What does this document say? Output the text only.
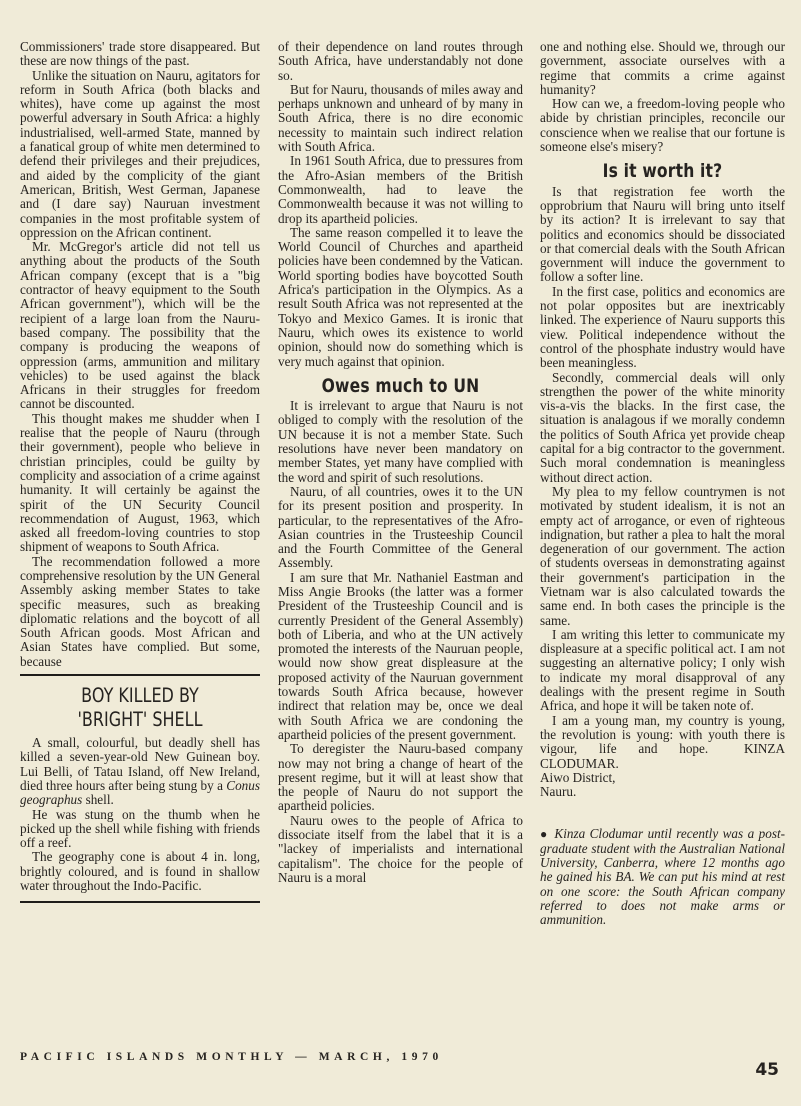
Commissioners' trade store disappeared. But these are now things of the past.

Unlike the situation on Nauru, agitators for reform in South Africa (both blacks and whites), have come up against the most powerful adversary in South Africa: a highly industrialised, well-armed State, manned by a fanatical group of white men determined to defend their privileges and their prejudices, and aided by the complicity of the giant American, British, West German, Japanese and (I dare say) Nauruan investment companies in the most profitable system of oppression on the African continent.

Mr. McGregor's article did not tell us anything about the products of the South African company (except that is a "big contractor of heavy equipment to the South African government"), which will be the recipient of a large loan from the Nauru-based company. The possibility that the company is producing the weapons of oppression (arms, ammunition and military vehicles) to be used against the black Africans in their struggles for freedom cannot be discounted.

This thought makes me shudder when I realise that the people of Nauru (through their government), people who believe in christian principles, could be guilty by complicity and association of a crime against humanity. It will certainly be against the spirit of the UN Security Council recommendation of August, 1963, which asked all freedom-loving countries to stop shipment of weapons to South Africa.

The recommendation followed a more comprehensive resolution by the UN General Assembly asking member States to take specific measures, such as breaking diplomatic relations and the boycott of all South African goods. Most African and Asian States have complied. But some, because

BOY KILLED BY
'BRIGHT' SHELL

A small, colourful, but deadly shell has killed a seven-year-old New Guinean boy. Lui Belli, of Tatau Island, off New Ireland, died three hours after being stung by a Conus geographus shell.

He was stung on the thumb when he picked up the shell while fishing with friends off a reef.

The geography cone is about 4 in. long, brightly coloured, and is found in shallow water throughout the Indo-Pacific.

of their dependence on land routes through South Africa, have understandably not done so.

But for Nauru, thousands of miles away and perhaps unknown and unheard of by many in South Africa, there is no dire economic necessity to maintain such indirect relation with South Africa.

In 1961 South Africa, due to pressures from the Afro-Asian members of the British Commonwealth, had to leave the Commonwealth because it was not willing to drop its apartheid policies.

The same reason compelled it to leave the World Council of Churches and apartheid policies have been condemned by the Vatican. World sporting bodies have boycotted South Africa's participation in the Olympics. As a result South Africa was not represented at the Tokyo and Mexico Games. It is ironic that Nauru, which owes its existence to world opinion, should now do something which is very much against that opinion.

Owes much to UN

It is irrelevant to argue that Nauru is not obliged to comply with the resolution of the UN because it is not a member State. Such resolutions have never been mandatory on member States, yet many have complied with the word and spirit of such resolutions.

Nauru, of all countries, owes it to the UN for its present position and prosperity. In particular, to the representatives of the Afro-Asian countries in the Trusteeship Council and the Fourth Committee of the General Assembly.

I am sure that Mr. Nathaniel Eastman and Miss Angie Brooks (the latter was a former President of the Trusteeship Council and is currently President of the General Assembly) both of Liberia, and who at the UN actively promoted the interests of the Nauruan people, would now show great displeasure at the proposed activity of the Nauruan government towards South Africa because, however indirect that relation may be, once we deal with South Africa we are condoning the apartheid policies of the present government.

To deregister the Nauru-based company now may not bring a change of heart of the present regime, but it will at least show that the people of Nauru do not support the apartheid policies.

Nauru owes to the people of Africa to dissociate itself from the label that it is a "lackey of imperialists and international capitalism". The choice for the people of Nauru is a moral

one and nothing else. Should we, through our government, associate ourselves with a regime that commits a crime against humanity?

How can we, a freedom-loving people who abide by christian principles, reconcile our conscience when we realise that our fortune is someone else's misery?

Is it worth it?

Is that registration fee worth the opprobrium that Nauru will bring unto itself by its action? It is irrelevant to say that politics and economics should be dissociated or that comercial deals with the South African government will induce the government to follow a softer line.

In the first case, politics and economics are not polar opposites but are inextricably linked. The experience of Nauru supports this view. Political independence without the control of the phosphate industry would have been meaningless.

Secondly, commercial deals will only strengthen the power of the white minority vis-a-vis the blacks. In the first case, the situation is analagous if we morally condemn the politics of South Africa yet provide cheap capital for a big contractor to the government. Such moral condemnation is meaningless without direct action.

My plea to my fellow countrymen is not motivated by student idealism, it is not an empty act of arrogance, or even of righteous indignation, but rather a plea to halt the moral degeneration of our government. The action of students overseas in demonstrating against their government's participation in the Vietnam war is also calculated towards the same end. In both cases the principle is the same.

I am writing this letter to communicate my displeasure at a specific political act. I am not suggesting an alternative policy; I only wish to indicate my moral disapproval of any dealings with the present regime in South Africa, and hope it will be taken note of.

I am a young man, my country is young, the revolution is young: with youth there is vigour, life and hope.	KINZA CLODUMAR.

Aiwo District,

Nauru.

● Kinza Clodumar until recently was a post-graduate student with the Australian National University, Canberra, where 12 months ago he gained his BA. We can put his mind at rest on one score: the South African company referred to does not make arms or ammunition.

PACIFIC ISLANDS MONTHLY — MARCH, 1970
45
